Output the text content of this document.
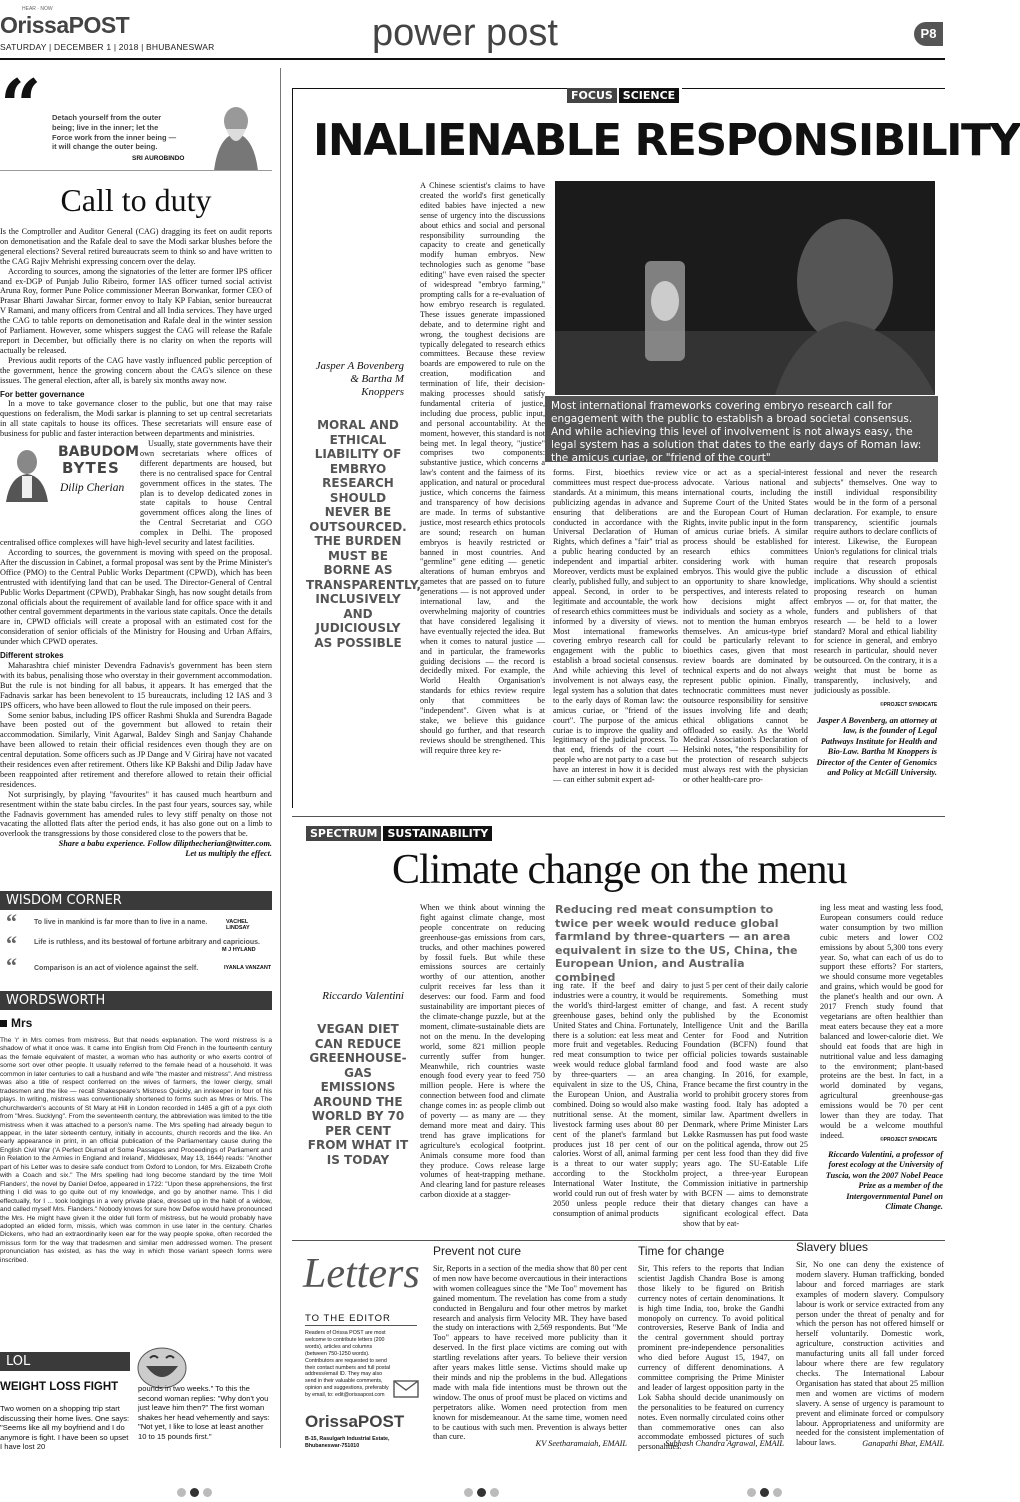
HEAR · NOW
OrissaPOST
SATURDAY | DECEMBER 1 | 2018 | BHUBANESWAR	power post	P8
“ Detach yourself from the outer being; live in the inner; let the Force work from the inner being — it will change the outer being.
SRI AUROBINDO
Call to duty

Is the Comptroller and Auditor General (CAG) dragging its feet on audit reports on demonetisation and the Rafale deal to save the Modi sarkar blushes before the general elections? Several retired bureaucrats seem to think so and have written to the CAG Rajiv Mehrishi expressing concern over the delay.

According to sources, among the signatories of the letter are former IPS officer and ex-DGP of Punjab Julio Ribeiro, former IAS officer turned social activist Aruna Roy, former Pune Police commissioner Meeran Borwankar, former CEO of Prasar Bharti Jawahar Sircar, former envoy to Italy KP Fabian, senior bureaucrat V Ramani, and many officers from Central and all India services. They have urged the CAG to table reports on demonetisation and Rafale deal in the winter session of Parliament. However, some whispers suggest the CAG will release the Rafale report in December, but officially there is no clarity on when the reports will actually be released.

Previous audit reports of the CAG have vastly influenced public perception of the government, hence the growing concern about the CAG's silence on these issues. The general election, after all, is barely six months away now.

For better governance

In a move to take governance closer to the public, but one that may raise questions on federalism, the Modi sarkar is planning to set up central secretariats in all state capitals to house its offices. These secretariats will ensure ease of business for public and faster interaction between departments and ministries.

BABUDOM
BYTES
Dilip Cherian

Usually, state governments have their own secretariats where offices of different departments are housed, but there is no centralised space for Central government offices in the states. The plan is to develop dedicated zones in state capitals to house Central government offices along the lines of the Central Secretariat and CGO complex in Delhi. The proposed centralised office complexes will have high-level security and latest facilities.

According to sources, the government is moving with speed on the proposal. After the discussion in Cabinet, a formal proposal was sent by the Prime Minister's Office (PMO) to the Central Public Works Department (CPWD), which has been entrusted with identifying land that can be used. The Director-General of Central Public Works Department (CPWD), Prabhakar Singh, has now sought details from zonal officials about the requirement of available land for office space with it and other central government departments in the various state capitals. Once the details are in, CPWD officials will create a proposal with an estimated cost for the consideration of senior officials of the Ministry for Housing and Urban Affairs, under which CPWD operates.

Different strokes

Maharashtra chief minister Devendra Fadnavis's government has been stern with its babus, penalising those who overstay in their government accommodation. But the rule is not binding for all babus, it appears. It has emerged that the Fadnavis sarkar has been benevolent to 15 bureaucrats, including 12 IAS and 3 IPS officers, who have been allowed to flout the rule imposed on their peers.

Some senior babus, including IPS officer Rashmi Shukla and Surendra Bagade have been posted out of the government but allowed to retain their accommodation. Similarly, Vinit Agarwal, Baldev Singh and Sanjay Chahande have been allowed to retain their official residences even though they are on central deputation. Some officers such as JP Dange and V Giriraj have not vacated their residences even after retirement. Others like KP Bakshi and Dilip Jadav have been reappointed after retirement and therefore allowed to retain their official residences.

Not surprisingly, by playing "favourites" it has caused much heartburn and resentment within the state babu circles. In the past four years, sources say, while the Fadnavis government has amended rules to levy stiff penalty on those not vacating the allotted flats after the period ends, it has also gone out on a limb to overlook the transgressions by those considered close to the powers that be.

Share a babu experience. Follow dilipthecherian@twitter.com.
Let us multiply the effect.
WISDOM CORNER
“ To live in mankind is far more than to live in a name.	VACHEL LINDSAY
“ Life is ruthless, and its bestowal of fortune arbitrary and capricious.
M J HYLAND
“ Comparison is an act of violence against the self.	IYANLA VANZANT
WORDSWORTH
Mrs
The 'r' in Mrs comes from mistress. But that needs explanation. The word mistress is a shadow of what it once was. It came into English from Old French in the fourteenth century as the female equivalent of master, a woman who has authority or who exerts control of some sort over other people. It usually referred to the female head of a household. It was common in later centuries to call a husband and wife "the master and mistress". And mistress was also a title of respect conferred on the wives of farmers, the lower clergy, small tradesmen and the like — recall Shakespeare's Mistress Quickly, an innkeeper in four of his plays. In writing, mistress was conventionally shortened to forms such as Mres or Mris. The churchwarden's accounts of St Mary at Hill in London recorded in 1485 a gift of a pyx cloth from "Mres. Sucklyng". From the seventeenth century, the abbreviation was limited to the title mistress when it was attached to a person's name. The Mrs spelling had already begun to appear, in the later sixteenth century, initially in accounts, church records and the like. An early appearance in print, in an official publication of the Parliamentary cause during the English Civil War ('A Perfect Diurnall of Some Passages and Proceedings of Parliament and in Relation to the Armies in England and Ireland', Middlesex, May 13, 1644) reads: "Another part of his Letter was to desire safe conduct from Oxford to London, for Mrs. Elizabeth Crofte with a Coach and six." The Mrs spelling had long become standard by the time 'Moll Flanders', the novel by Daniel Defoe, appeared in 1722: "Upon these apprehensions, the first thing I did was to go quite out of my knowledge, and go by another name. This I did effectually, for I ... took lodgings in a very private place, dressed up in the habit of a widow, and called myself Mrs. Flanders." Nobody knows for sure how Defoe would have pronounced the Mrs. He might have given it the older full form of mistress, but he would probably have adopted an elided form, missis, which was common in use later in the century. Charles Dickens, who had an extraordinarily keen ear for the way people spoke, often recorded the missus form for the way that tradesmen and similar men addressed women. The present pronunciation has existed, as has the way in which those variant speech forms were inscribed.
LOL
WEIGHT LOSS FIGHT
Two women on a shopping trip start discussing their home lives. One says: "Seems like all my boyfriend and I do anymore is fight. I have been so upset I have lost 20
pounds in two weeks." To this the second woman replies: "Why don't you just leave him then?" The first woman shakes her head vehemently and says: "Not yet, I like to lose at least another 10 to 15 pounds first."
FOCUS SCIENCE
INALIENABLE RESPONSIBILITY
Jasper A Bovenberg
& Bartha M
Knoppers
MORAL AND ETHICAL LIABILITY OF EMBRYO RESEARCH SHOULD NEVER BE OUTSOURCED. THE BURDEN MUST BE BORNE AS TRANSPARENTLY, INCLUSIVELY AND JUDICIOUSLY AS POSSIBLE
A Chinese scientist's claims to have created the world's first genetically edited babies have injected a new sense of urgency into the discussions about ethics and social and personal responsibility surrounding the capacity to create and genetically modify human embryos. New technologies such as genome "base editing" have even raised the specter of widespread "embryo farming," prompting calls for a re-evaluation of how embryo research is regulated. These issues generate impassioned debate, and to determine right and wrong, the toughest decisions are typically delegated to research ethics committees. Because these review boards are empowered to rule on the creation, modification and termination of life, their decision-making processes should satisfy fundamental criteria of justice, including due process, public input, and personal accountability. At the moment, however, this standard is not being met. In legal theory, "justice" comprises two components: substantive justice, which concerns a law's content and the fairness of its application, and natural or procedural justice, which concerns the fairness and transparency of how decisions are made. In terms of substantive justice, most research ethics protocols are sound; research on human embryos is heavily restricted or banned in most countries. And "germline" gene editing — genetic alterations of human embryos and gametes that are passed on to future generations — is not approved under international law, and the overwhelming majority of countries that have considered legalising it have eventually rejected the idea. But when it comes to natural justice — and in particular, the frameworks guiding decisions — the record is decidedly mixed. For example, the World Health Organisation's standards for ethics review require only that committees be "independent". Given what is at stake, we believe this guidance should go further, and that research reviews should be strengthened. This will require three key re-
Most international frameworks covering embryo research call for engagement with the public to establish a broad societal consensus. And while achieving this level of involvement is not always easy, the legal system has a solution that dates to the early days of Roman law: the amicus curiae, or "friend of the court"
forms. First, bioethics review committees must respect due-process standards. At a minimum, this means publicizing agendas in advance and ensuring that deliberations are conducted in accordance with the Universal Declaration of Human Rights, which defines a "fair" trial as a public hearing conducted by an independent and impartial arbiter. Moreover, verdicts must be explained clearly, published fully, and subject to appeal. Second, in order to be legitimate and accountable, the work of research ethics committees must be informed by a diversity of views. Most international frameworks covering embryo research call for engagement with the public to establish a broad societal consensus. And while achieving this level of involvement is not always easy, the legal system has a solution that dates to the early days of Roman law: the amicus curiae, or "friend of the court". The purpose of the amicus curiae is to improve the quality and legitimacy of the judicial process. To that end, friends of the court — people who are not party to a case but have an interest in how it is decided — can either submit expert ad-
vice or act as a special-interest advocate. Various national and international courts, including the Supreme Court of the United States and the European Court of Human Rights, invite public input in the form of amicus curiae briefs. A similar process should be established for research ethics committees considering work with human embryos. This would give the public an opportunity to share knowledge, perspectives, and interests related to how decisions might affect individuals and society as a whole, not to mention the human embryos themselves. An amicus-type brief could be particularly relevant to bioethics cases, given that most review boards are dominated by technical experts and do not always represent public opinion. Finally, technocratic committees must never outsource responsibility for sensitive issues involving life and death; ethical obligations cannot be offloaded so easily. As the World Medical Association's Declaration of Helsinki notes, "the responsibility for the protection of research subjects must always rest with the physician or other health-care pro-
fessional and never the research subjects" themselves. One way to instill individual responsibility would be in the form of a personal declaration. For example, to ensure transparency, scientific journals require authors to declare conflicts of interest. Likewise, the European Union's regulations for clinical trials require that research proposals include a discussion of ethical implications. Why should a scientist proposing research on human embryos — or, for that matter, the funders and publishers of that research — be held to a lower standard? Moral and ethical liability for science in general, and embryo research in particular, should never be outsourced. On the contrary, it is a weight that must be borne as transparently, inclusively, and judiciously as possible.
©PROJECT SYNDICATE
Jasper A Bovenberg, an attorney at law, is the founder of Legal Pathways Institute for Health and Bio-Law. Bartha M Knoppers is Director of the Center of Genomics and Policy at McGill University.
SPECTRUM SUSTAINABILITY
Climate change on the menu
Riccardo Valentini
VEGAN DIET CAN REDUCE GREENHOUSE-GAS EMISSIONS AROUND THE WORLD BY 70 PER CENT FROM WHAT IT IS TODAY
When we think about winning the fight against climate change, most people concentrate on reducing greenhouse-gas emissions from cars, trucks, and other machines powered by fossil fuels. But while these emissions sources are certainly worthy of our attention, another culprit receives far less than it deserves: our food. Farm and food sustainability are important pieces of the climate-change puzzle, but at the moment, climate-sustainable diets are not on the menu. In the developing world, some 821 million people currently suffer from hunger. Meanwhile, rich countries waste enough food every year to feed 750 million people. Here is where the connection between food and climate change comes in: as people climb out of poverty — as many are — they demand more meat and dairy. This trend has grave implications for agriculture's ecological footprint. Animals consume more food than they produce. Cows release large volumes of heat-trapping methane. And clearing land for pasture releases carbon dioxide at a stagger-
Reducing red meat consumption to twice per week would reduce global farmland by three-quarters — an area equivalent in size to the US, China, the European Union, and Australia combined
ing rate. If the beef and dairy industries were a country, it would be the world's third-largest emitter of greenhouse gases, behind only the United States and China. Fortunately, there is a solution: eat less meat and more fruit and vegetables. Reducing red meat consumption to twice per week would reduce global farmland by three-quarters — an area equivalent in size to the US, China, the European Union, and Australia combined. Doing so would also make nutritional sense. At the moment, livestock farming uses about 80 per cent of the planet's farmland but produces just 18 per cent of our calories. Worst of all, animal farming is a threat to our water supply; according to the Stockholm International Water Institute, the world could run out of fresh water by 2050 unless people reduce their consumption of animal products
to just 5 per cent of their daily calorie requirements. Something must change, and fast. A recent study published by the Economist Intelligence Unit and the Barilla Center for Food and Nutrition Foundation (BCFN) found that official policies towards sustainable food and food waste are also changing. In 2016, for example, France became the first country in the world to prohibit grocery stores from wasting food. Italy has adopted a similar law. Apartment dwellers in Denmark, where Prime Minister Lars Løkke Rasmussen has put food waste on the political agenda, throw out 25 per cent less food than they did five years ago. The SU-Eatable Life project, a three-year European Commission initiative in partnership with BCFN — aims to demonstrate that dietary changes can have a significant ecological effect. Data show that by eat-
ing less meat and wasting less food, European consumers could reduce water consumption by two million cubic meters and lower CO2 emissions by about 5,300 tons every year. So, what can each of us do to support these efforts? For starters, we should consume more vegetables and grains, which would be good for the planet's health and our own. A 2017 French study found that vegetarians are often healthier than meat eaters because they eat a more balanced and lower-calorie diet. We should eat foods that are high in nutritional value and less damaging to the environment; plant-based proteins are the best. In fact, in a world dominated by vegans, agricultural greenhouse-gas emissions would be 70 per cent lower than they are today. That would be a welcome mouthful indeed.
©PROJECT SYNDICATE
Riccardo Valentini, a professor of forest ecology at the University of Tuscia, won the 2007 Nobel Peace Prize as a member of the Intergovernmental Panel on Climate Change.
Letters
TO THE EDITOR
Readers of Orissa POST are most welcome to contribute letters (200 words), articles and columns (between 750-1250 words). Contributors are requested to send their contact numbers and full postal address/email ID. They may also send in their valuable comments, opinion and suggestions, preferably by email, to: edit@orissapost.com
OrissaPOST
B-15, Rasulgarh Industrial Estate, Bhubaneswar-751010
Prevent not cure
Sir, Reports in a section of the media show that 80 per cent of men now have become overcautious in their interactions with women colleagues since the "Me Too" movement has gained momentum. The revelation has come from a study conducted in Bengaluru and four other metros by market research and analysis firm Velocity MR. They have based the study on interactions with 2,569 respondents. But "Me Too" appears to have received more publicity than it deserved. In the first place victims are coming out with startling revelations after years. To believe their version after years makes little sense. Victims should make up their minds and nip the problems in the bud. Allegations made with mala fide intentions must be thrown out the window. The onus of proof must be placed on victims and perpetrators alike. Women need protection from men known for misdemeanour. At the same time, women need to be cautious with such men. Prevention is always better than cure.
KV Seetharamaiah, EMAIL
Time for change
Sir, This refers to the reports that Indian scientist Jagdish Chandra Bose is among those likely to be figured on British currency notes of certain denominations. It is high time India, too, broke the Gandhi monopoly on currency. To avoid political controversies, Reserve Bank of India and the central government should portray prominent pre-independence personalities who died before August 15, 1947, on currency of different denominations. A committee comprising the Prime Minister and leader of largest opposition party in the Lok Sabha should decide unanimously on the personalities to be featured on currency notes. Even normally circulated coins other than commemorative ones can also accommodate embossed pictures of such personalities.
Subhash Chandra Agrawal, EMAIL
Slavery blues
Sir, No one can deny the existence of modern slavery. Human trafficking, bonded labour and forced marriages are stark examples of modern slavery. Compulsory labour is work or service extracted from any person under the threat of penalty and for which the person has not offered himself or herself voluntarily. Domestic work, agriculture, construction activities and manufacturing units all fall under forced labour where there are few regulatory checks. The International Labour Organisation has stated that about 25 million men and women are victims of modern slavery. A sense of urgency is paramount to prevent and eliminate forced or compulsory labour. Appropriateness and uniformity are needed for the consistent implementation of labour laws.	Ganapathi Bhat, EMAIL
